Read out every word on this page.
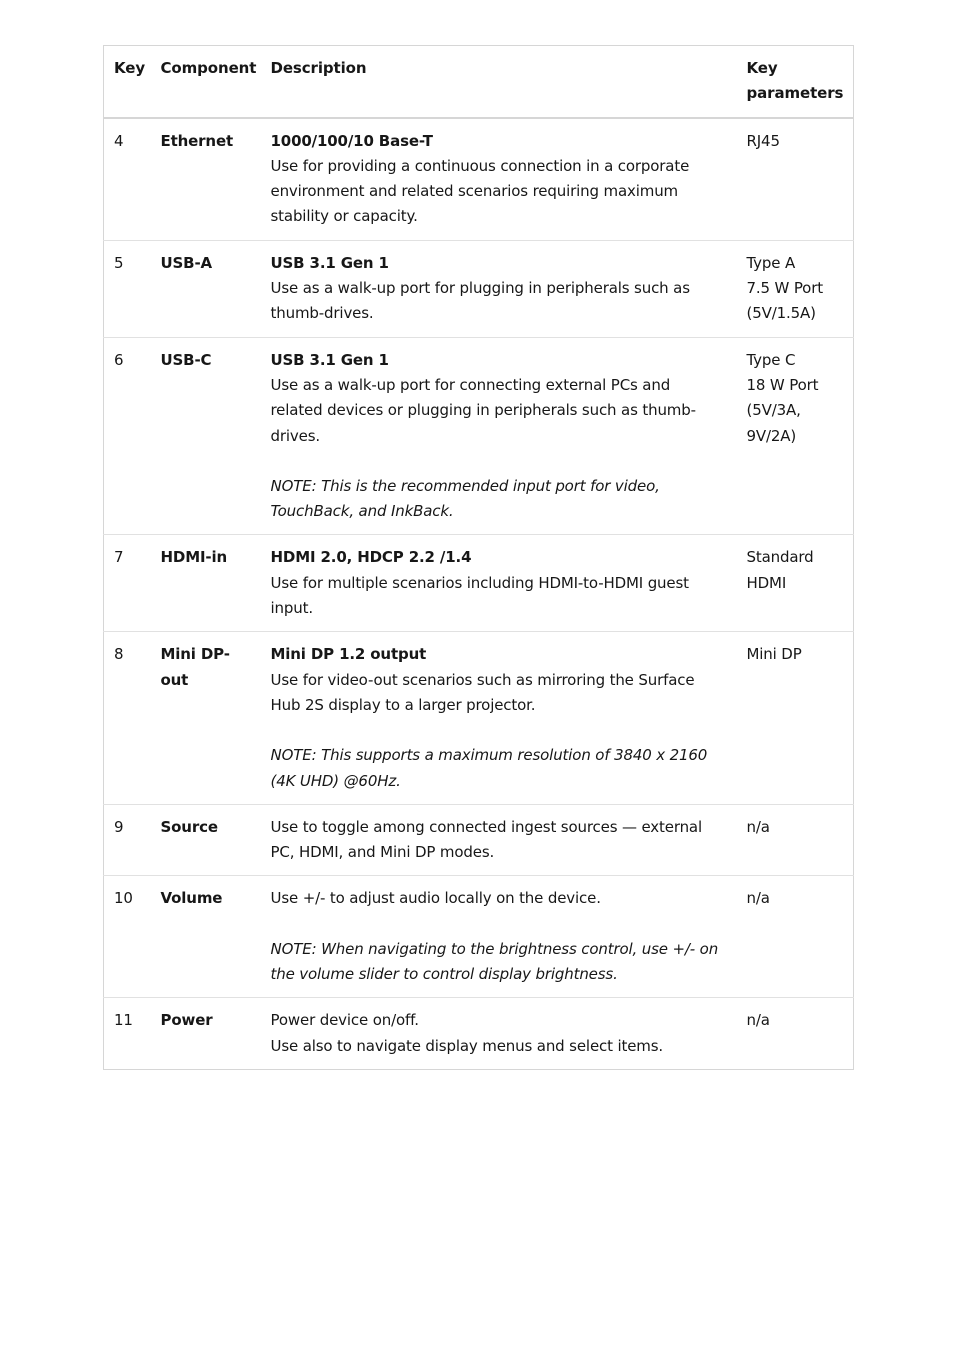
Key	Component	Description	Key parameters
4	Ethernet	1000/100/10 Base-T
Use for providing a continuous connection in a corporate environment and related scenarios requiring maximum stability or capacity.	RJ45

5	USB-A	USB 3.1 Gen 1
Use as a walk-up port for plugging in peripherals such as thumb-drives.	Type A
7.5 W Port (5V/1.5A)

6	USB-C	USB 3.1 Gen 1
Use as a walk-up port for connecting external PCs and related devices or plugging in peripherals such as thumb-drives.
NOTE: This is the recommended input port for video, TouchBack, and InkBack.	Type C
18 W Port (5V/3A, 9V/2A)

7	HDMI-in	HDMI 2.0, HDCP 2.2 /1.4
Use for multiple scenarios including HDMI-to-HDMI guest input.	Standard HDMI

8	Mini DP-out	Mini DP 1.2 output
Use for video-out scenarios such as mirroring the Surface Hub 2S display to a larger projector.
NOTE: This supports a maximum resolution of 3840 x 2160 (4K UHD) @60Hz.	Mini DP

9	Source	Use to toggle among connected ingest sources — external PC, HDMI, and Mini DP modes.	n/a

10	Volume	Use +/- to adjust audio locally on the device.
NOTE: When navigating to the brightness control, use +/- on the volume slider to control display brightness.	n/a

11	Power	Power device on/off.
Use also to navigate display menus and select items.	n/a
